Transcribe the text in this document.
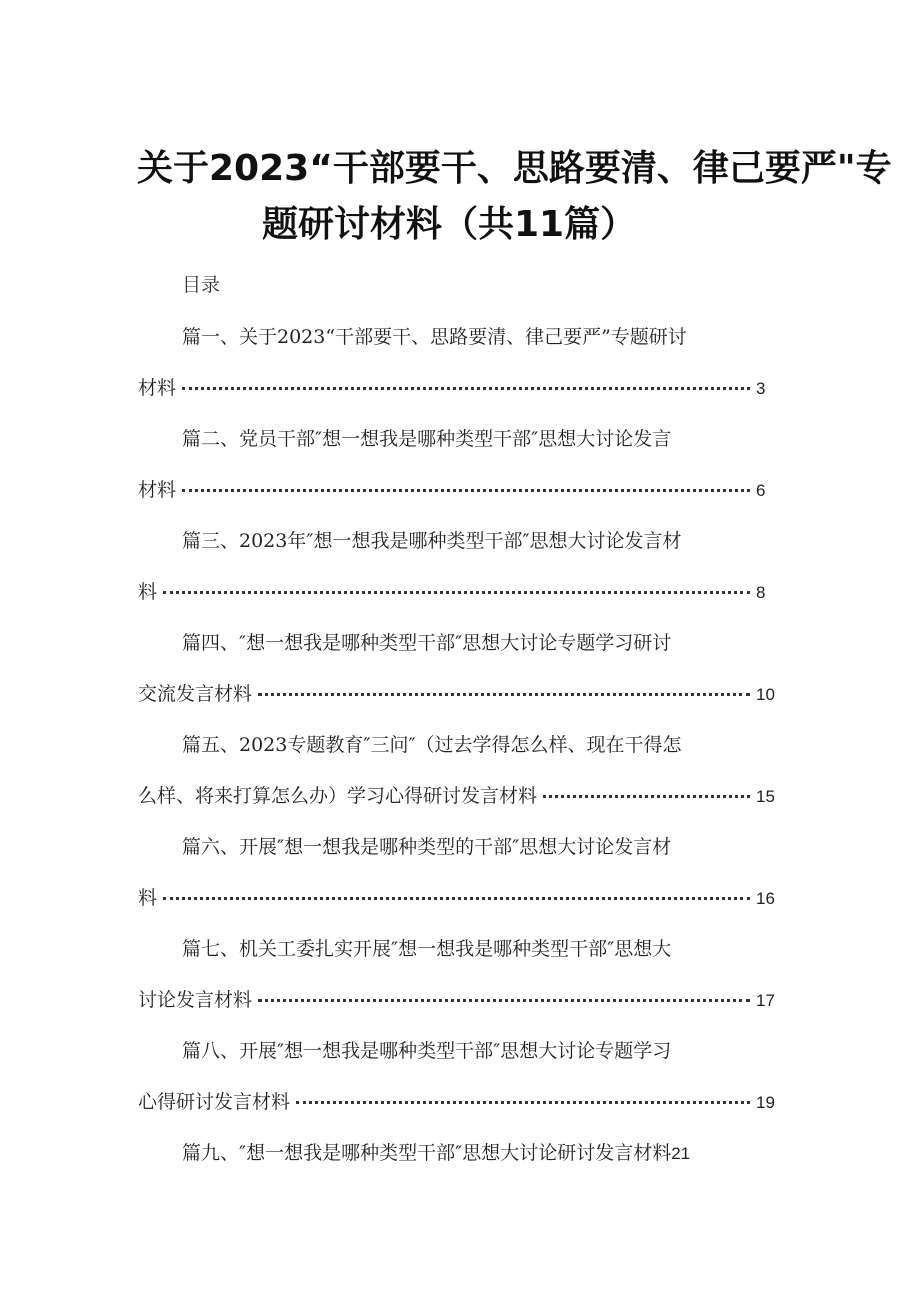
关于2023“干部要干、思路要清、律己要严"专
题研讨材料（共11篇）
目录
篇一、关于2023“干部要干、思路要清、律己要严”专题研讨
材料	3
篇二、党员干部″想一想我是哪种类型干部″思想大讨论发言
材料	6
篇三、2023年″想一想我是哪种类型干部″思想大讨论发言材
料	8
篇四、″想一想我是哪种类型干部″思想大讨论专题学习研讨
交流发言材料	10
篇五、2023专题教育″三问″（过去学得怎么样、现在干得怎
么样、将来打算怎么办）学习心得研讨发言材料	15
篇六、开展″想一想我是哪种类型的干部″思想大讨论发言材
料	16
篇七、机关工委扎实开展″想一想我是哪种类型干部″思想大
讨论发言材料	17
篇八、开展″想一想我是哪种类型干部″思想大讨论专题学习
心得研讨发言材料	19
篇九、″想一想我是哪种类型干部″思想大讨论研讨发言材料21
